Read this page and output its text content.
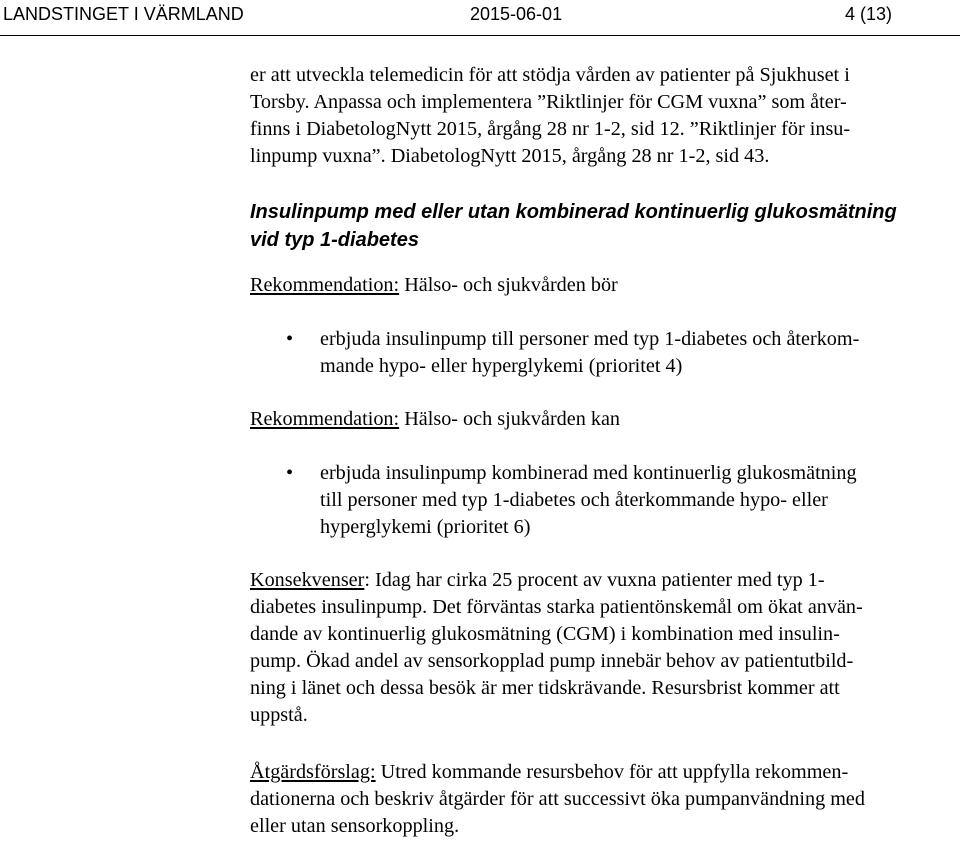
LANDSTINGET I VÄRMLAND	2015-06-01	4 (13)

er att utveckla telemedicin för att stödja vården av patienter på Sjukhuset i
Torsby. Anpassa och implementera ”Riktlinjer för CGM vuxna” som åter-
finns i DiabetologNytt 2015, årgång 28 nr 1-2, sid 12. ”Riktlinjer för insu-
linpump vuxna”. DiabetologNytt 2015, årgång 28 nr 1-2, sid 43.

Insulinpump med eller utan kombinerad kontinuerlig glukosmätning
vid typ 1-diabetes

Rekommendation: Hälso- och sjukvården bör

• erbjuda insulinpump till personer med typ 1-diabetes och återkom-
mande hypo- eller hyperglykemi (prioritet 4)

Rekommendation: Hälso- och sjukvården kan

• erbjuda insulinpump kombinerad med kontinuerlig glukosmätning
till personer med typ 1-diabetes och återkommande hypo- eller
hyperglykemi (prioritet 6)

Konsekvenser: Idag har cirka 25 procent av vuxna patienter med typ 1-
diabetes insulinpump. Det förväntas starka patientönskemål om ökat använ-
dande av kontinuerlig glukosmätning (CGM) i kombination med insulin-
pump. Ökad andel av sensorkopplad pump innebär behov av patientutbild-
ning i länet och dessa besök är mer tidskrävande. Resursbrist kommer att
uppstå.

Åtgärdsförslag: Utred kommande resursbehov för att uppfylla rekommen-
dationerna och beskriv åtgärder för att successivt öka pumpanvändning med
eller utan sensorkoppling.
